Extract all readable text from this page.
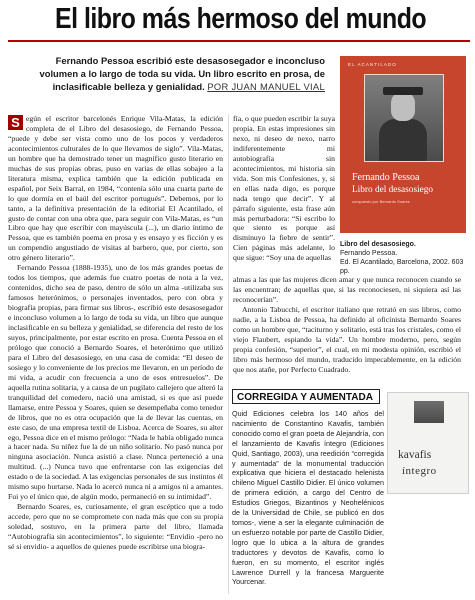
El libro más hermoso del mundo
Fernando Pessoa escribió este desasosegador e inconcluso volumen a lo largo de toda su vida. Un libro escrito en prosa, de inclasificable belleza y genialidad. POR JUAN MANUEL VIAL
EL ACANTILADO
Fernando Pessoa
Libro del desasosiego
compuesto por Bernardo Soares
Libro del desasosiego.
Fernando Pessoa.
Ed. El Acantilado, Barcelona, 2002. 603 pp.

S egún el escritor barcelonés Enrique Vila-Matas, la edición completa de el Libro del desasosiego, de Fernando Pessoa, “puede y debe ser vista como uno de los pocos y verdaderos acontecimientos culturales de lo que llevamos de siglo”. Vila-Matas, un hombre que ha demostrado tener un magnífico gusto literario en muchas de sus propias obras, puso en varias de ellas sobajeo a la literatura misma, explica también que la edición publicada en español, por Seix Barral, en 1984, “contenía sólo una cuarta parte de lo que dormía en el baúl del escritor portugués”. Debemos, por lo tanto, a la definitiva presentación de la editorial El Acantilado, el gusto de contar con una obra que, para seguir con Vila-Matas, es “un Libro que hay que escribir con mayúscula (...), un diario íntimo de Pessoa, que es también poema en prosa y es ensayo y es ficción y es un compendio angustiado de visitas al barbero, que, por cierto, son otro género literario”.

Fernando Pessoa (1888-1935), uno de los más grandes poetas de todos los tiempos, que además fue cuatro poetas de nota a la vez, contenidos, dicho sea de paso, dentro de sólo un alma -utilizaba sus famosos heterónimos, o personajes inventados, pero con obra y biografía propias, para firmar sus libros-, escribió este desasosegador e inconcluso volumen a lo largo de toda su vida, un libro que aunque inclasificable en su belleza y genialidad, se diferencia del resto de los suyos, principalmente, por estar escrito en prosa. Cuenta Pessoa en el prólogo que conoció a Bernardo Soares, el heterónimo que utilizó para el Libro del desasosiego, en una casa de comida: “El deseo de sosiego y lo conveniente de los precios me llevaron, en un período de mi vida, a acudir con frecuencia a uno de esos entresuelos”. De aquella rutina solitaria, y a causa de un pugilato callejero que alteró la tranquilidad del comedero, nació una amistad, si es que así puede llamarse, entre Pessoa y Soares, quien se desempeñaba como tenedor de libros, que no es otra ocupación que la de llevar las cuentas, en este caso, de una empresa textil de Lisboa. Acerca de Soares, su alter ego, Pessoa dice en el mismo prólogo: “Nada le había obligado nunca a hacer nada. Su niñez fue la de un niño solitario. No pasó nunca por ninguna asociación. Nunca asistió a clase. Nunca perteneció a una multitud. (...) Nunca tuvo que enfrentarse con las exigencias del estado o de la sociedad. A las exigencias personales de sus instintos él mismo supo hurtarse. Nada lo acercó nunca ni a amigos ni a amantes. Fui yo el único que, de algún modo, permaneció en su intimidad”.

Bernardo Soares, es, curiosamente, el gran escéptico que a todo accede, pero que no se compromete con nada más que con su propia soledad, sostuvo, en la primera parte del libro, llamada “Autobiografía sin acontecimientos”, lo siguiente: “Envidio -pero no sé si envidio- a aquellos de quienes puede escribirse una biogra-

fía, o que pueden escribir la suya propia. En estas impresiones sin nexo, ni deseo de nexo, narro indiferentemente mi autobiografía sin acontecimientos, mi historia sin vida. Son mis Confesiones, y, si en ellas nada digo, es porque nada tengo que decir”. Y al párrafo siguiente, esta frase aún más perturbadora: “Si escribo lo que siento es porque así disminuyo la fiebre de sentir”. Cien páginas más adelante, lo que sigue: “Soy una de aquellas

almas a las que las mujeres dicen amar y que nunca reconocen cuando se las encuentran; de aquellas que, si las reconociesen, ni siquiera así las reconocerían”.

Antonio Tabucchi, el escritor italiano que retrató en sus libros, como nadie, a la Lisboa de Pessoa, ha definido al oficinista Bernardo Soares como un hombre que, “taciturno y solitario, está tras los cristales, como el viejo Flaubert, espiando la vida”. Un hombre moderno, pero, según propia confesión, “superior”, el cual, en mi modesta opinión, escribió el libro más hermoso del mundo, traducido impecablemente, en la edición que nos atañe, por Perfecto Cuadrado.

CORREGIDA Y AUMENTADA
kavafis
íntegro

Quid Ediciones celebra los 140 años del nacimiento de Constantino Kavafis, también conocido como el gran poeta de Alejandría, con el lanzamiento de Kavafis íntegro (Ediciones Quid, Santiago, 2003), una reedición “corregida y aumentada” de la monumental traducción explicativa que hiciera el destacado helenista chileno Miguel Castillo Didier. El único volumen de primera edición, a cargo del Centro de Estudios Griegos, Bizantinos y Neohelénicos de la Universidad de Chile, se publicó en dos tomos-, viene a ser la elegante culminación de un esfuerzo notable por parte de Castillo Didier, logro que lo ubica a la altura de grandes traductores y devotos de Kavafis, como lo fueron, en su momento, el escritor inglés Lawrence Durrell y la francesa Marguerite Yourcenar.
